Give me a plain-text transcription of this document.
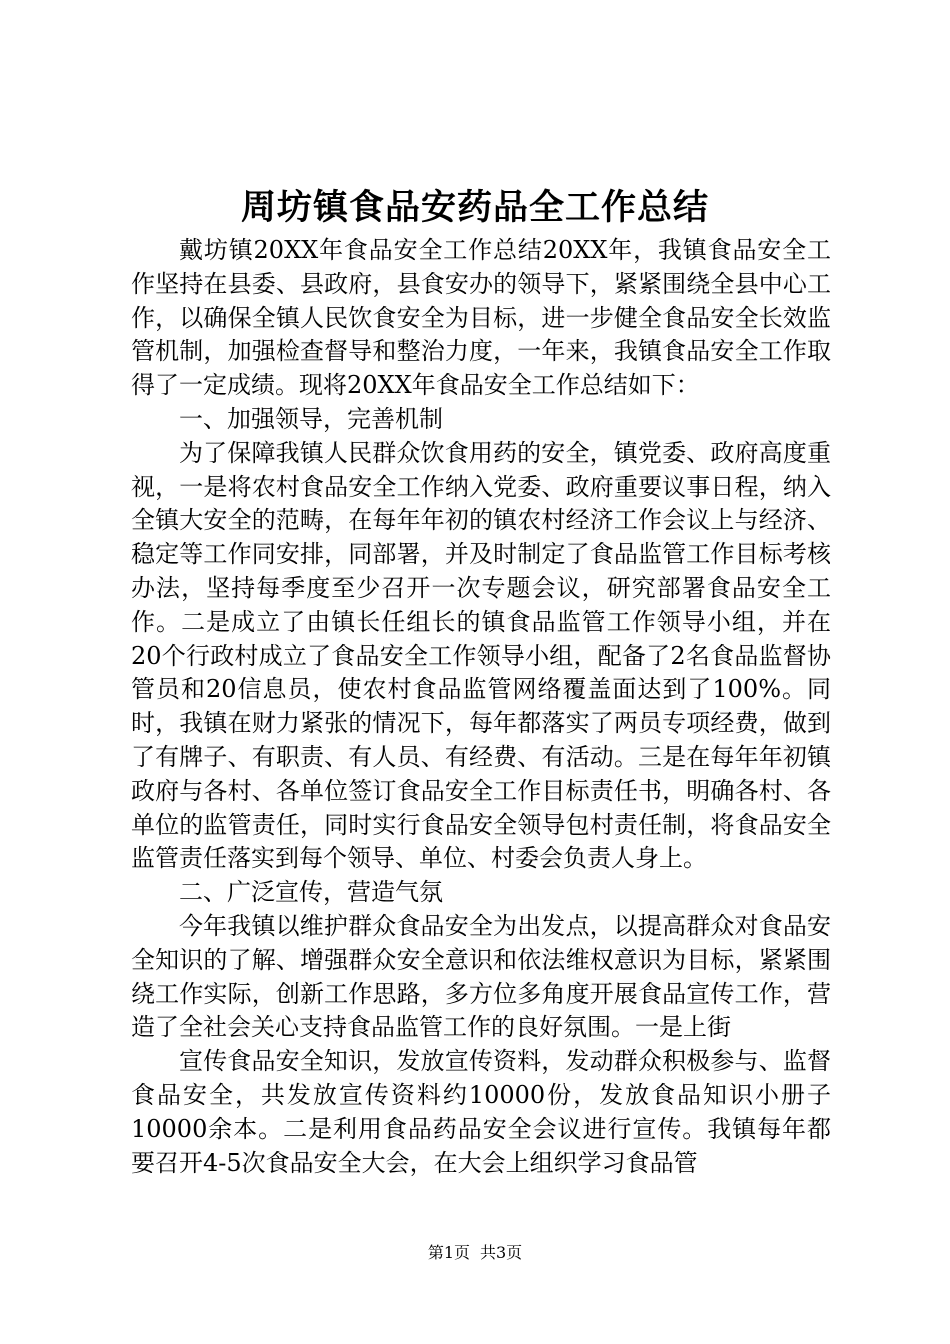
周坊镇食品安药品全工作总结

戴坊镇20XX年食品安全工作总结20XX年，我镇食品安全工作坚持在县委、县政府，县食安办的领导下，紧紧围绕全县中心工作，以确保全镇人民饮食安全为目标，进一步健全食品安全长效监管机制，加强检查督导和整治力度，一年来，我镇食品安全工作取得了一定成绩。现将20XX年食品安全工作总结如下：

一、加强领导，完善机制

为了保障我镇人民群众饮食用药的安全，镇党委、政府高度重视，一是将农村食品安全工作纳入党委、政府重要议事日程，纳入全镇大安全的范畴，在每年年初的镇农村经济工作会议上与经济、稳定等工作同安排，同部署，并及时制定了食品监管工作目标考核办法，坚持每季度至少召开一次专题会议，研究部署食品安全工作。二是成立了由镇长任组长的镇食品监管工作领导小组，并在20个行政村成立了食品安全工作领导小组，配备了2名食品监督协管员和20信息员，使农村食品监管网络覆盖面达到了100%。同时，我镇在财力紧张的情况下，每年都落实了两员专项经费，做到了有牌子、有职责、有人员、有经费、有活动。三是在每年年初镇政府与各村、各单位签订食品安全工作目标责任书，明确各村、各单位的监管责任，同时实行食品安全领导包村责任制，将食品安全监管责任落实到每个领导、单位、村委会负责人身上。

二、广泛宣传，营造气氛

今年我镇以维护群众食品安全为出发点，以提高群众对食品安全知识的了解、增强群众安全意识和依法维权意识为目标，紧紧围绕工作实际，创新工作思路，多方位多角度开展食品宣传工作，营造了全社会关心支持食品监管工作的良好氛围。一是上街

宣传食品安全知识，发放宣传资料，发动群众积极参与、监督食品安全，共发放宣传资料约10000份，发放食品知识小册子10000余本。二是利用食品药品安全会议进行宣传。我镇每年都要召开4-5次食品安全大会，在大会上组织学习食品管

第1页 共3页
